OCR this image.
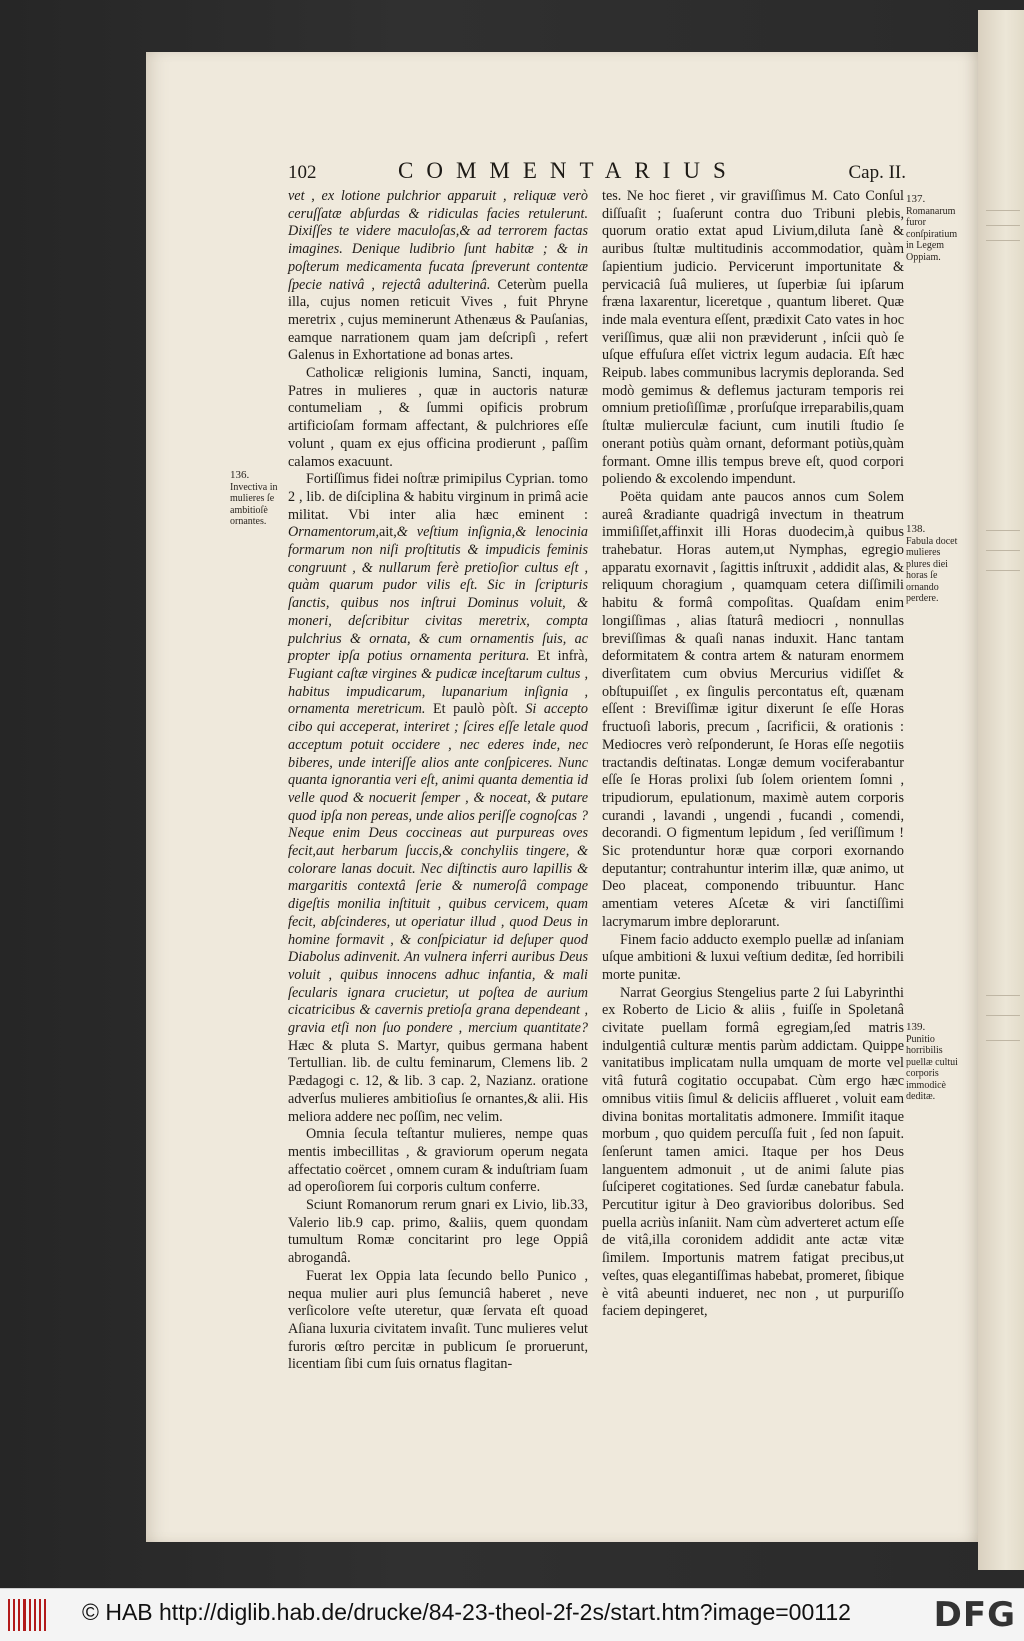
102	COMMENTARIUS	Cap. II.

vet , ex lotione pulchrior apparuit , reliquæ verò ceruſſatæ abſurdas & ridiculas facies retulerunt. Dixiſſes te videre maculoſas,& ad terrorem factas imagines. Denique ludibrio ſunt habitæ ; & in poſterum medicamenta fucata ſpreverunt contentæ ſpecie nativâ , rejectâ adulterinâ. Ceterùm puella illa, cujus nomen reticuit Vives , fuit Phryne meretrix , cujus meminerunt Athenæus & Pauſanias, eamque narrationem quam jam deſcripſi , refert Galenus in Exhortatione ad bonas artes.

Catholicæ religionis lumina, Sancti, inquam, Patres in mulieres , quæ in auctoris naturæ contumeliam , & ſummi opificis probrum artificioſam formam affectant, & pulchriores eſſe volunt , quam ex ejus officina prodierunt , paſſim calamos exacuunt.

Fortiſſimus fidei noſtræ primipilus Cyprian. tomo 2 , lib. de diſciplina & habitu virginum in primâ acie militat. Vbi inter alia hæc eminent : Ornamentorum,ait,& veſtium inſignia,& lenocinia formarum non niſi proſtitutis & impudicis feminis congruunt , & nullarum ferè pretioſior cultus eſt , quàm quarum pudor vilis eſt. Sic in ſcripturis ſanctis, quibus nos inſtrui Dominus voluit, & moneri, deſcribitur civitas meretrix, compta pulchrius & ornata, & cum ornamentis ſuis, ac propter ipſa potius ornamenta peritura. Et infrà, Fugiant caſtæ virgines & pudicæ inceſtarum cultus , habitus impudicarum, lupanarium inſignia , ornamenta meretricum. Et paulò pòſt. Si accepto cibo qui acceperat, interiret ; ſcires eſſe letale quod acceptum potuit occidere , nec ederes inde, nec biberes, unde interiſſe alios ante conſpiceres. Nunc quanta ignorantia veri eſt, animi quanta dementia id velle quod & nocuerit ſemper , & noceat, & putare quod ipſa non pereas, unde alios periſſe cognoſcas ? Neque enim Deus coccineas aut purpureas oves fecit,aut herbarum ſuccis,& conchyliis tingere, & colorare lanas docuit. Nec diſtinctis auro lapillis & margaritis contextâ ſerie & numeroſâ compage digeſtis monilia inſtituit , quibus cervicem, quam fecit, abſcinderes, ut operiatur illud , quod Deus in homine formavit , & conſpiciatur id deſuper quod Diabolus adinvenit. An vulnera inferri auribus Deus voluit , quibus innocens adhuc infantia, & mali ſecularis ignara crucietur, ut poſtea de aurium cicatricibus & cavernis pretioſa grana dependeant , gravia etſi non ſuo pondere , mercium quantitate? Hæc & pluta S. Martyr, quibus germana habent Tertullian. lib. de cultu feminarum, Clemens lib. 2 Pædagogi c. 12, & lib. 3 cap. 2, Nazianz. oratione adverſus mulieres ambitioſius ſe ornantes,& alii. His meliora addere nec poſſim, nec velim.

Omnia ſecula teſtantur mulieres, nempe quas mentis imbecillitas , & graviorum operum negata affectatio coërcet , omnem curam & induſtriam ſuam ad operoſiorem ſui corporis cultum conferre.

Sciunt Romanorum rerum gnari ex Livio, lib.33, Valerio lib.9 cap. primo, &aliis, quem quondam tumultum Romæ concitarint pro lege Oppiâ abrogandâ.

Fuerat lex Oppia lata ſecundo bello Punico , nequa mulier auri plus ſemunciâ haberet , neve verſicolore veſte uteretur, quæ ſervata eſt quoad Aſiana luxuria civitatem invaſit. Tunc mulieres velut furoris œſtro percitæ in publicum ſe proruerunt, licentiam ſibi cum ſuis ornatus flagitan-

tes. Ne hoc fieret , vir graviſſimus M. Cato Conſul diſſuaſit ; ſuaſerunt contra duo Tribuni plebis, quorum oratio extat apud Livium,diluta ſanè & auribus ſtultæ multitudinis accommodatior, quàm ſapientium judicio. Pervicerunt importunitate & pervicaciâ ſuâ mulieres, ut ſuperbiæ ſui ipſarum fræna laxarentur, liceretque , quantum liberet. Quæ inde mala eventura eſſent, prædixit Cato vates in hoc veriſſimus, quæ alii non præviderunt , inſcii quò ſe uſque effuſura eſſet victrix legum audacia. Eſt hæc Reipub. labes communibus lacrymis deploranda. Sed modò gemimus & deflemus jacturam temporis rei omnium pretioſiſſimæ , prorſuſque irreparabilis,quam ſtultæ mulierculæ faciunt, cum inutili ſtudio ſe onerant potiùs quàm ornant, deformant potiùs,quàm formant. Omne illis tempus breve eſt, quod corpori poliendo & excolendo impendunt.

Poëta quidam ante paucos annos cum Solem aureâ &radiante quadrigâ invectum in theatrum immiſiſſet,affinxit illi Horas duodecim,à quibus trahebatur. Horas autem,ut Nymphas, egregio apparatu exornavit , ſagittis inſtruxit , addidit alas, & reliquum choragium , quamquam cetera diſſimili habitu & formâ compoſitas. Quaſdam enim longiſſimas , alias ſtaturâ mediocri , nonnullas breviſſimas & quaſi nanas induxit. Hanc tantam deformitatem & contra artem & naturam enormem diverſitatem cum obvius Mercurius vidiſſet & obſtupuiſſet , ex ſingulis percontatus eſt, quænam eſſent : Breviſſimæ igitur dixerunt ſe eſſe Horas fructuoſi laboris, precum , ſacrificii, & orationis : Mediocres verò reſponderunt, ſe Horas eſſe negotiis tractandis deſtinatas. Longæ demum vociferabantur eſſe ſe Horas prolixi ſub ſolem orientem ſomni , tripudiorum, epulationum, maximè autem corporis curandi , lavandi , ungendi , fucandi , comendi, decorandi. O figmentum lepidum , ſed veriſſimum ! Sic protenduntur horæ quæ corpori exornando deputantur; contrahuntur interim illæ, quæ animo, ut Deo placeat, componendo tribuuntur. Hanc amentiam veteres Aſcetæ & viri ſanctiſſimi lacrymarum imbre deplorarunt.

Finem facio adducto exemplo puellæ ad inſaniam uſque ambitioni & luxui veſtium deditæ, ſed horribili morte punitæ.

Narrat Georgius Stengelius parte 2 ſui Labyrinthi ex Roberto de Licio & aliis , fuiſſe in Spoletanâ civitate puellam formâ egregiam,ſed matris indulgentiâ culturæ mentis parùm addictam. Quippe vanitatibus implicatam nulla umquam de morte vel vitâ futurâ cogitatio occupabat. Cùm ergo hæc omnibus vitiis ſimul & deliciis afflueret , voluit eam divina bonitas mortalitatis admonere. Immiſit itaque morbum , quo quidem percuſſa fuit , ſed non ſapuit. ſenſerunt tamen amici. Itaque per hos Deus languentem admonuit , ut de animi ſalute pias ſuſciperet cogitationes. Sed ſurdæ canebatur fabula. Percutitur igitur à Deo gravioribus doloribus. Sed puella acriùs inſaniit. Nam cùm adverteret actum eſſe de vitâ,illa coronidem addidit ante actæ vitæ ſimilem. Importunis matrem fatigat precibus,ut veſtes, quas elegantiſſimas habebat, promeret, ſibique è vitâ abeunti indueret, nec non , ut purpuriſſo faciem depingeret,

136.
Invectiva in mulieres ſe ambitioſè ornantes.
137.
Romanarum furor conſpiratium in Legem Oppiam.
138.
Fabula docet mulieres plures diei horas ſe ornando perdere.
139.
Punitio horribilis puellæ cultui corporis immodicè deditæ.
© HAB http://diglib.hab.de/drucke/84-23-theol-2f-2s/start.htm?image=00112 DFG
